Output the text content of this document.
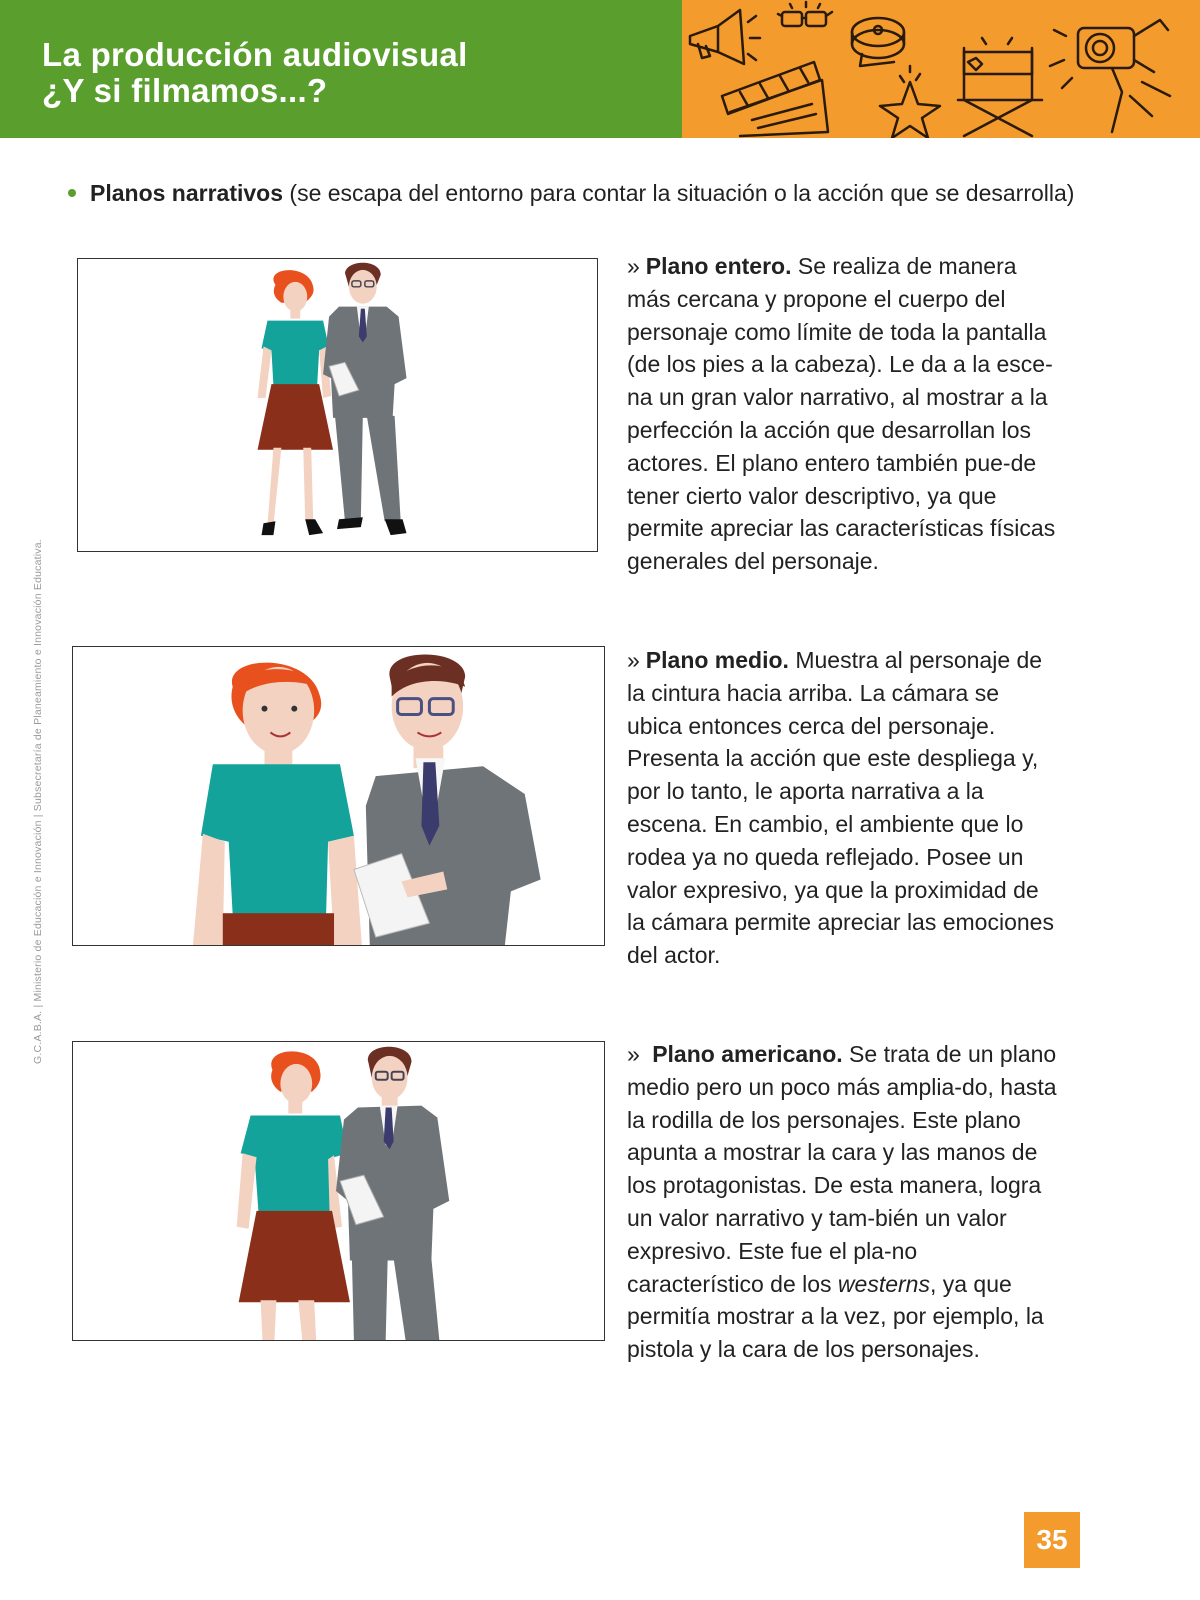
La producción audiovisual
¿Y si filmamos...?
G.C.A.B.A. | Ministerio de Educación e Innovación | Subsecretaría de Planeamiento e Innovación Educativa.
Planos narrativos (se escapa del entorno para contar la situación o la acción que se desarrolla)
» Plano entero. Se realiza de manera más cercana y propone el cuerpo del personaje como límite de toda la pantalla (de los pies a la cabeza). Le da a la esce-na un gran valor narrativo, al mostrar a la perfección la acción que desarrollan los actores. El plano entero también pue-de tener cierto valor descriptivo, ya que permite apreciar las características físicas generales del personaje.
» Plano medio. Muestra al personaje de la cintura hacia arriba. La cámara se ubica entonces cerca del personaje. Presenta la acción que este despliega y, por lo tanto, le aporta narrativa a la escena. En cambio, el ambiente que lo rodea ya no queda reflejado. Posee un valor expresivo, ya que la proximidad de la cámara permite apreciar las emociones del actor.
» Plano americano. Se trata de un plano medio pero un poco más amplia-do, hasta la rodilla de los personajes. Este plano apunta a mostrar la cara y las manos de los protagonistas. De esta manera, logra un valor narrativo y tam-bién un valor expresivo. Este fue el pla-no característico de los westerns, ya que permitía mostrar a la vez, por ejemplo, la pistola y la cara de los personajes.
35
